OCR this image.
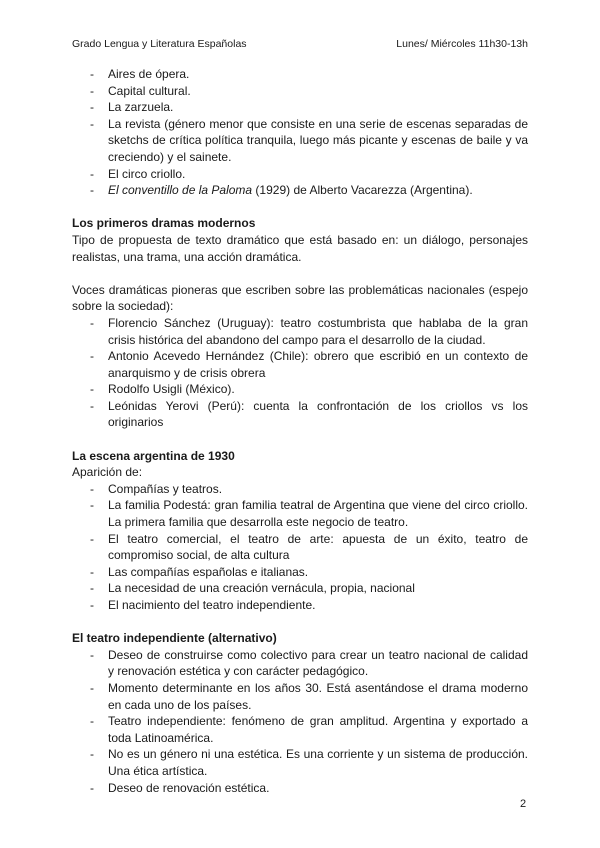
Grado Lengua y Literatura Españolas	Lunes/ Miércoles 11h30-13h
- Aires de ópera.
- Capital cultural.
- La zarzuela.
- La revista (género menor que consiste en una serie de escenas separadas de sketchs de crítica política tranquila, luego más picante y escenas de baile y va creciendo) y el sainete.
- El circo criollo.
- El conventillo de la Paloma (1929) de Alberto Vacarezza (Argentina).
Los primeros dramas modernos

Tipo de propuesta de texto dramático que está basado en: un diálogo, personajes realistas, una trama, una acción dramática.

Voces dramáticas pioneras que escriben sobre las problemáticas nacionales (espejo sobre la sociedad):

- Florencio Sánchez (Uruguay): teatro costumbrista que hablaba de la gran crisis histórica del abandono del campo para el desarrollo de la ciudad.
- Antonio Acevedo Hernández (Chile): obrero que escribió en un contexto de anarquismo y de crisis obrera
- Rodolfo Usigli (México).
- Leónidas Yerovi (Perú): cuenta la confrontación de los criollos vs los originarios
La escena argentina de 1930

Aparición de:

- Compañías y teatros.
- La familia Podestá: gran familia teatral de Argentina que viene del circo criollo. La primera familia que desarrolla este negocio de teatro.
- El teatro comercial, el teatro de arte: apuesta de un éxito, teatro de compromiso social, de alta cultura
- Las compañías españolas e italianas.
- La necesidad de una creación vernácula, propia, nacional
- El nacimiento del teatro independiente.
El teatro independiente (alternativo)
- Deseo de construirse como colectivo para crear un teatro nacional de calidad y renovación estética y con carácter pedagógico.
- Momento determinante en los años 30. Está asentándose el drama moderno en cada uno de los países.
- Teatro independiente: fenómeno de gran amplitud. Argentina y exportado a toda Latinoamérica.
- No es un género ni una estética. Es una corriente y un sistema de producción. Una ética artística.
- Deseo de renovación estética.
2
